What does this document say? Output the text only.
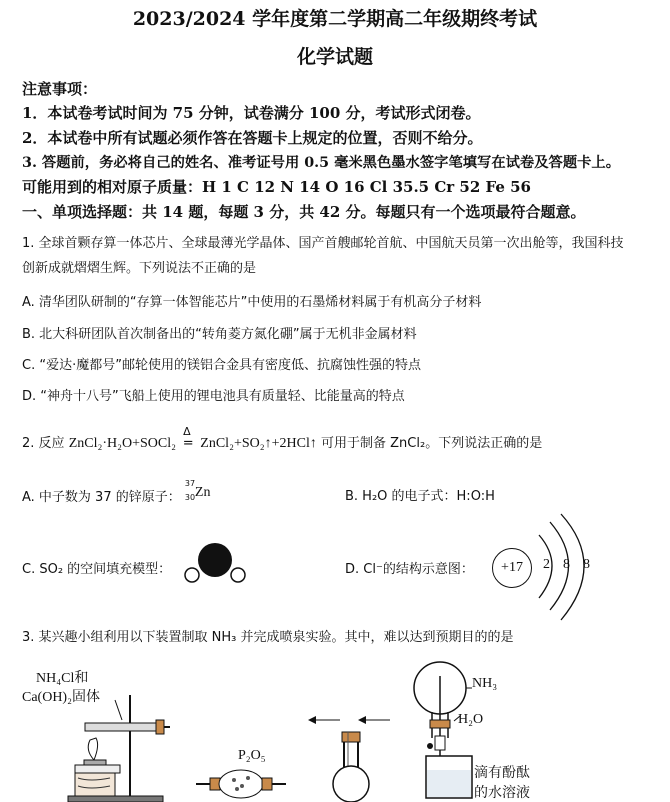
2023/2024 学年度第二学期高二年级期终考试
化学试题
注意事项：
1．本试卷考试时间为 75 分钟，试卷满分 100 分，考试形式闭卷。
2．本试卷中所有试题必须作答在答题卡上规定的位置，否则不给分。
3. 答题前，务必将自己的姓名、准考证号用 0.5 毫米黑色墨水签字笔填写在试卷及答题卡上。
可能用到的相对原子质量：H 1 C 12 N 14 O 16 Cl 35.5 Cr 52 Fe 56
一、单项选择题：共 14 题，每题 3 分，共 42 分。每题只有一个选项最符合题意。
1. 全球首颗存算一体芯片、全球最薄光学晶体、国产首艘邮轮首航、中国航天员第一次出舱等，我国科技
创新成就熠熠生辉。下列说法不正确的是
A. 清华团队研制的“存算一体智能芯片”中使用的石墨烯材料属于有机高分子材料
B. 北大科研团队首次制备出的“转角菱方氮化硼”属于无机非金属材料
C. “爱达·魔都号”邮轮使用的镁铝合金具有密度低、抗腐蚀性强的特点
D. “神舟十八号”飞船上使用的锂电池具有质量轻、比能量高的特点
2. 反应 ZnCl₂·H₂O+SOCl₂
Δ
= ZnCl₂+SO₂↑+2HCl↑ 可用于制备 ZnCl₂。下列说法正确的是
A. 中子数为 37 的锌原子：
37
30 Zn	B. H₂O 的电子式：H:O:H
C. SO₂ 的空间填充模型：	D. Cl⁻的结构示意图：	+17	2 8 8
3. 某兴趣小组利用以下装置制取 NH₃ 并完成喷泉实验。其中，难以达到预期目的的是
NH₄Cl和
Ca(OH)₂固体
P₂O₅
NH₃
H₂O
滴有酚酞
的水溶液
